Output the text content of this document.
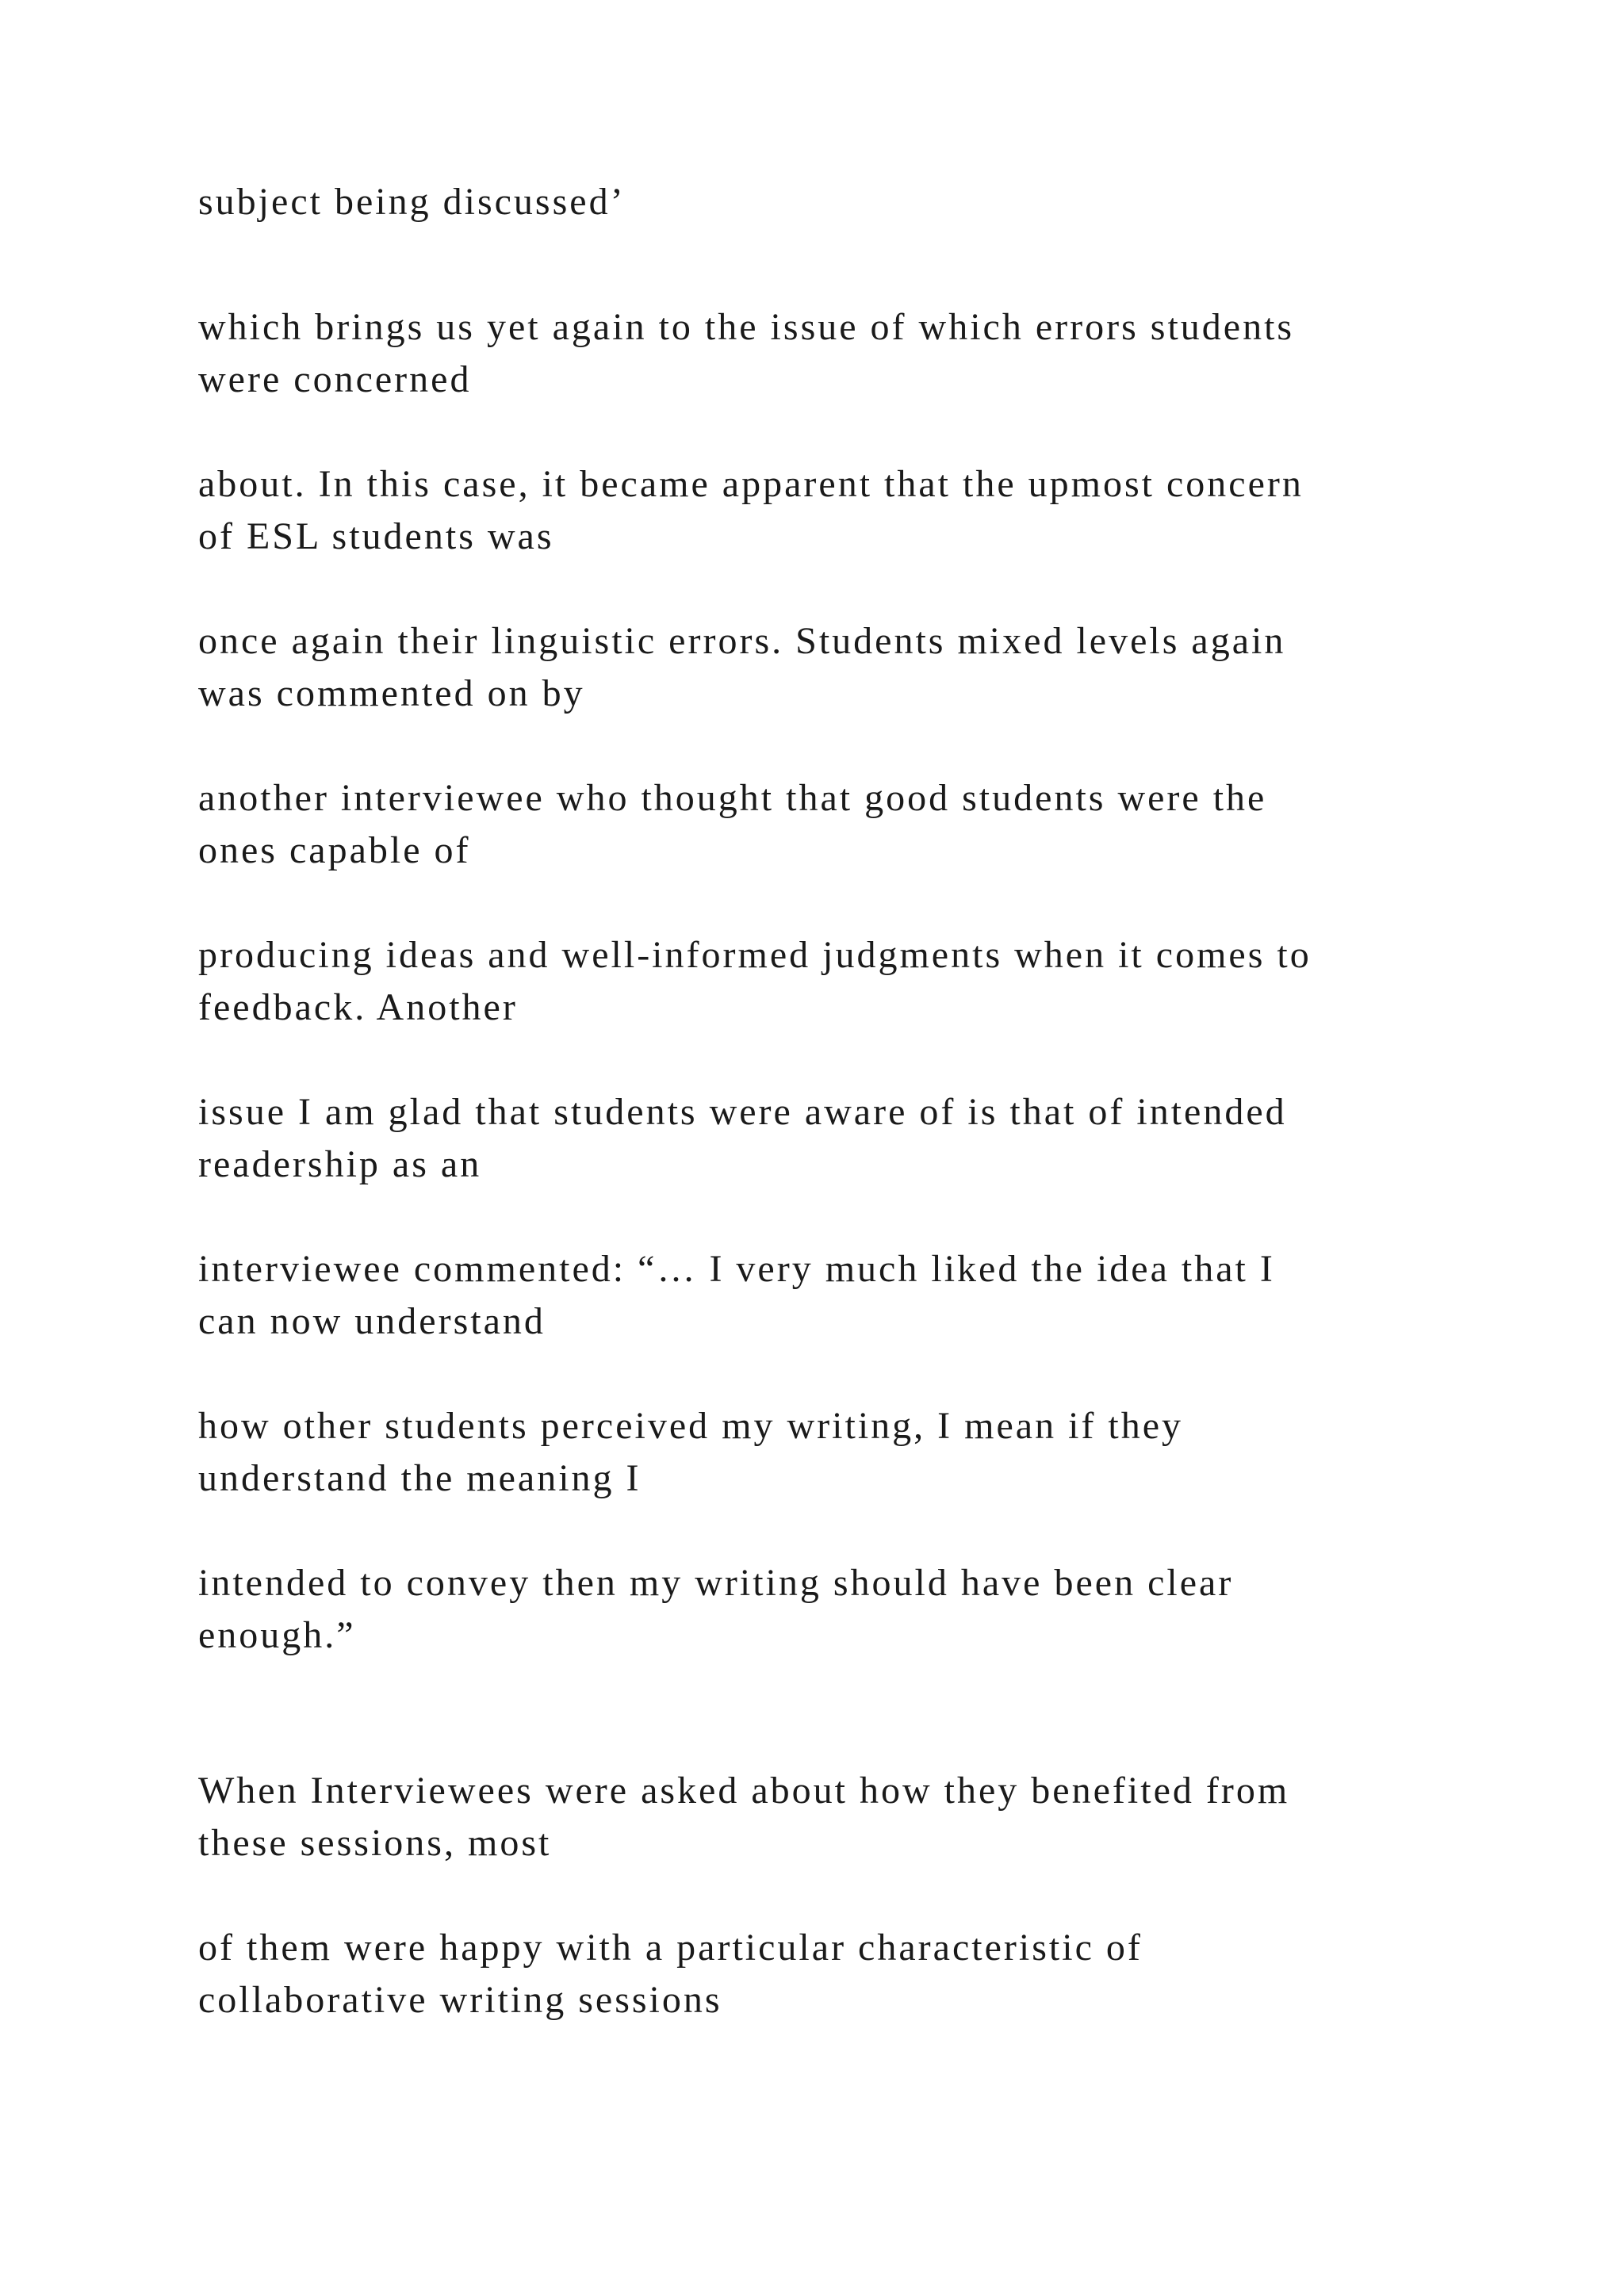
subject being discussed’

which brings us yet again to the issue of which errors students
were concerned

about. In this case, it became apparent that the upmost concern
of ESL students was

once again their linguistic errors. Students mixed levels again
was commented on by

another interviewee who thought that good students were the
ones capable of

producing ideas and well-informed judgments when it comes to
feedback. Another

issue I am glad that students were aware of is that of intended
readership as an

interviewee commented: “… I very much liked the idea that I
can now understand

how other students perceived my writing, I mean if they
understand the meaning I

intended to convey then my writing should have been clear
enough.”

When Interviewees were asked about how they benefited from
these sessions, most

of them were happy with a particular characteristic of
collaborative writing sessions
